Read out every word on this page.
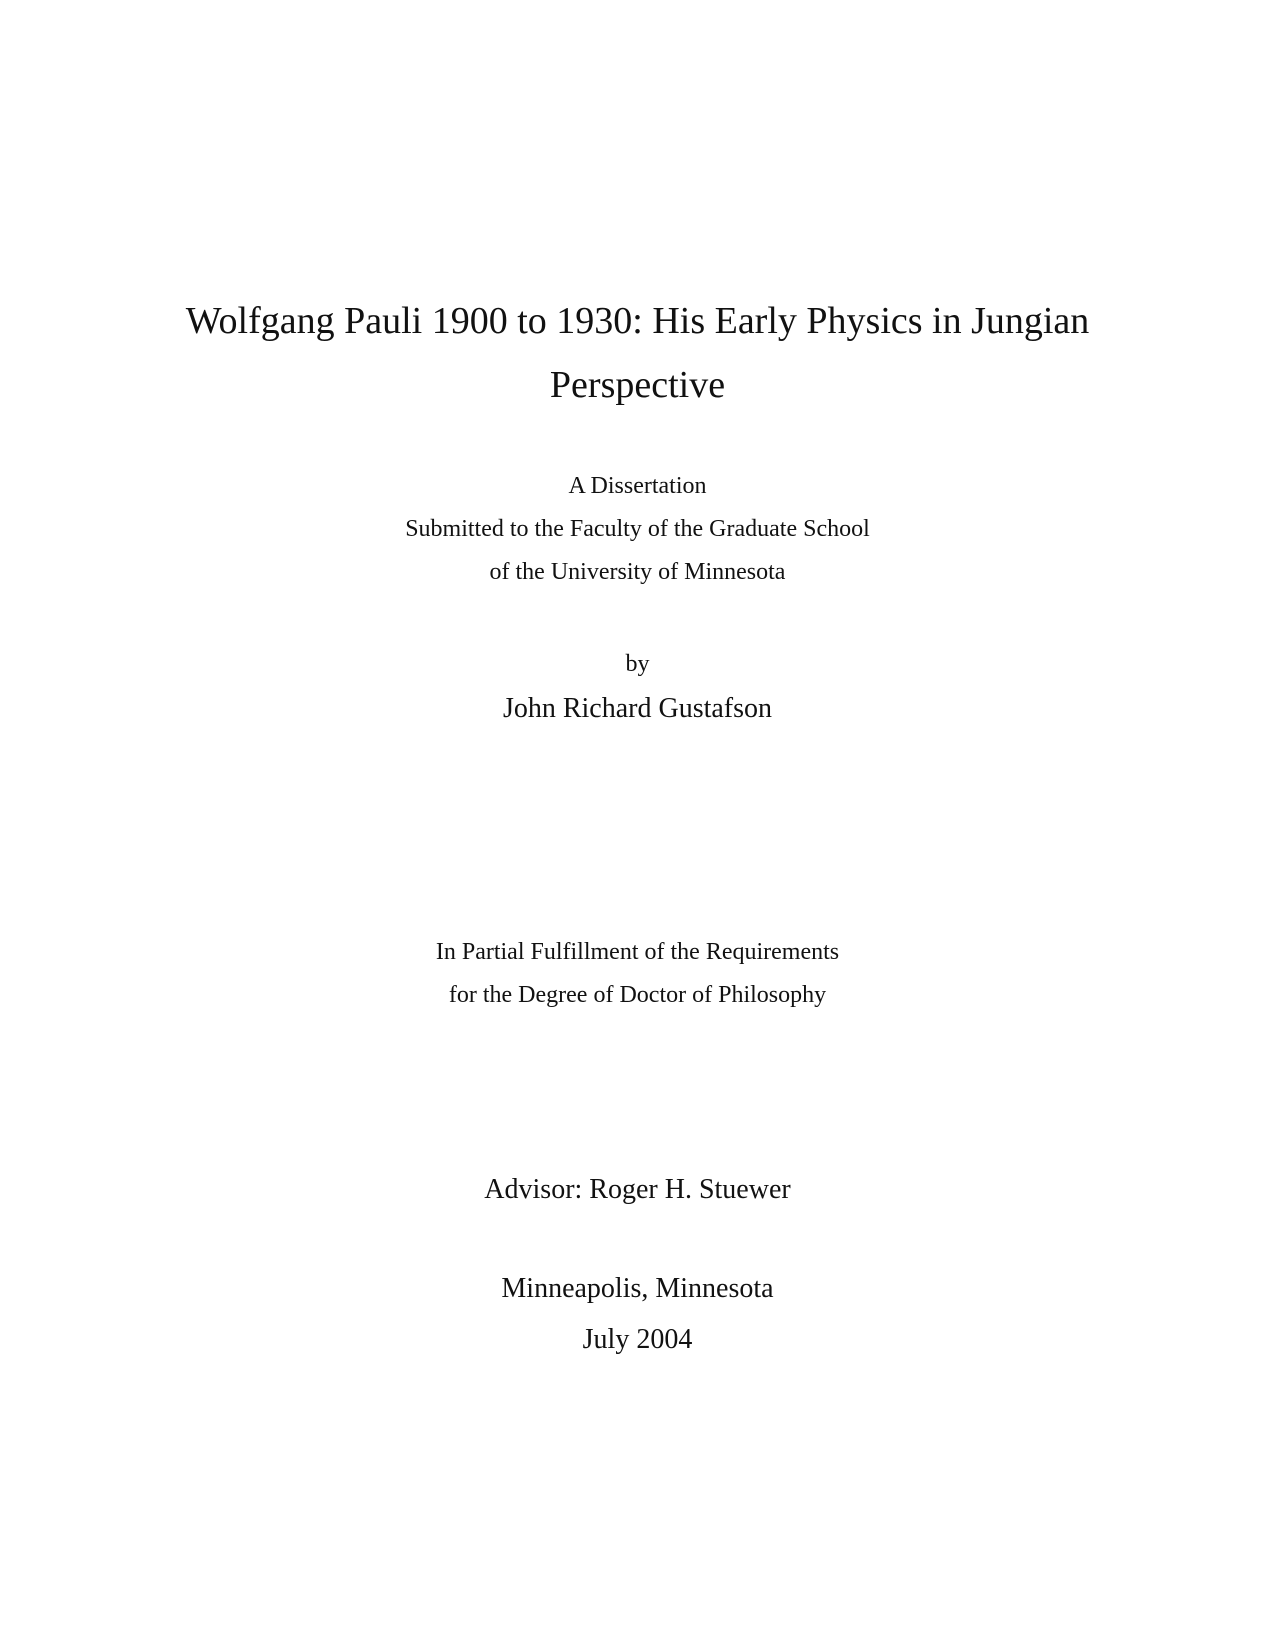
Wolfgang Pauli 1900 to 1930: His Early Physics in Jungian
Perspective
A Dissertation
Submitted to the Faculty of the Graduate School
of the University of Minnesota
by
John Richard Gustafson
In Partial Fulfillment of the Requirements
for the Degree of Doctor of Philosophy
Advisor: Roger H. Stuewer
Minneapolis, Minnesota
July 2004
